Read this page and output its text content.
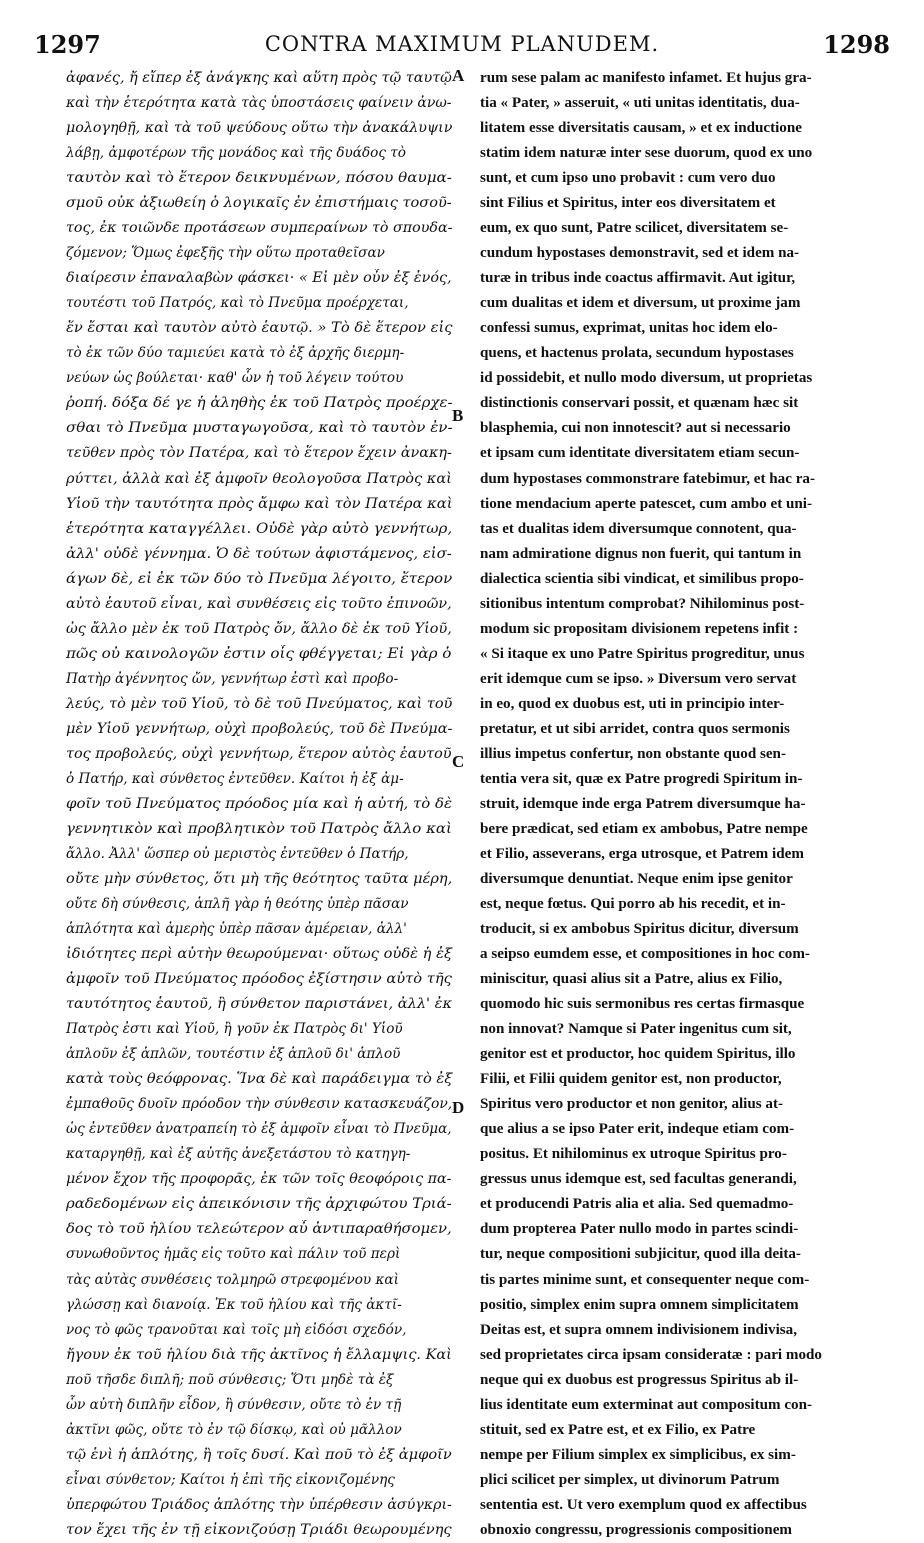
1297	CONTRA MAXIMUM PLANUDEM.	1298
ἀφανές, ἤ εἴπερ ἐξ ἀνάγκης καὶ αὕτη πρὸς τῷ ταυτῷ
καὶ τὴν ἑτερότητα κατὰ τὰς ὑποστάσεις φαίνειν ἀνω-
μολογηθῇ, καὶ τὰ τοῦ ψεύδους οὕτω τὴν ἀνακάλυψιν
λάβῃ, ἀμφοτέρων τῆς μονάδος καὶ τῆς δυάδος τὸ
ταυτὸν καὶ τὸ ἕτερον δεικνυμένων, πόσου θαυμα-
σμοῦ οὐκ ἀξιωθείη ὁ λογικαῖς ἐν ἐπιστήμαις τοσοῦ-
τος, ἐκ τοιῶνδε προτάσεων συμπεραίνων τὸ σπουδα-
ζόμενον; Ὅμως ἐφεξῆς τὴν οὕτω προταθεῖσαν
διαίρεσιν ἐπαναλαβὼν φάσκει· « Εἰ μὲν οὖν ἐξ ἑνός,
τουτέστι τοῦ Πατρός, καὶ τὸ Πνεῦμα προέρχεται,
ἕν ἔσται καὶ ταυτὸν αὐτὸ ἑαυτῷ. » Τὸ δὲ ἕτερον εἰς
τὸ ἐκ τῶν δύο ταμιεύει κατὰ τὸ ἐξ ἀρχῆς διερμη-
νεύων ὡς βούλεται· καθ' ὧν ἡ τοῦ λέγειν τούτου
ῥοπή. δόξα δέ γε ἡ ἀληθὴς ἐκ τοῦ Πατρὸς προέρχε-
σθαι τὸ Πνεῦμα μυσταγωγοῦσα, καὶ τὸ ταυτὸν ἐν-
τεῦθεν πρὸς τὸν Πατέρα, καὶ τὸ ἕτερον ἔχειν ἀνακη-
ρύττει, ἀλλὰ καὶ ἐξ ἀμφοῖν θεολογοῦσα Πατρὸς καὶ
Υἱοῦ τὴν ταυτότητα πρὸς ἄμφω καὶ τὸν Πατέρα καὶ
ἑτερότητα καταγγέλλει. Οὐδὲ γὰρ αὐτὸ γεννήτωρ,
ἀλλ' οὐδὲ γέννημα. Ὁ δὲ τούτων ἀφιστάμενος, εἰσ-
άγων δὲ, εἰ ἐκ τῶν δύο τὸ Πνεῦμα λέγοιτο, ἕτερον
αὐτὸ ἑαυτοῦ εἶναι, καὶ συνθέσεις εἰς τοῦτο ἐπινοῶν,
ὡς ἄλλο μὲν ἐκ τοῦ Πατρὸς ὄν, ἄλλο δὲ ἐκ τοῦ Υἱοῦ,
πῶς οὐ καινολογῶν ἐστιν οἷς φθέγγεται; Εἰ γὰρ ὁ
Πατὴρ ἀγέννητος ὤν, γεννήτωρ ἐστὶ καὶ προβο-
λεύς, τὸ μὲν τοῦ Υἱοῦ, τὸ δὲ τοῦ Πνεύματος, καὶ τοῦ
μὲν Υἱοῦ γεννήτωρ, οὐχὶ προβολεύς, τοῦ δὲ Πνεύμα-
τος προβολεύς, οὐχὶ γεννήτωρ, ἕτερον αὐτὸς ἑαυτοῦ
ὁ Πατήρ, καὶ σύνθετος ἐντεῦθεν. Καίτοι ἡ ἐξ ἀμ-
φοῖν τοῦ Πνεύματος πρόοδος μία καὶ ἡ αὐτή, τὸ δὲ
γεννητικὸν καὶ προβλητικὸν τοῦ Πατρὸς ἄλλο καὶ
ἄλλο. Ἀλλ' ὥσπερ οὐ μεριστὸς ἐντεῦθεν ὁ Πατήρ,
οὔτε μὴν σύνθετος, ὅτι μὴ τῆς θεότητος ταῦτα μέρη,
οὔτε δὴ σύνθεσις, ἁπλῆ γὰρ ἡ θεότης ὑπὲρ πᾶσαν
ἁπλότητα καὶ ἀμερὴς ὑπὲρ πᾶσαν ἀμέρειαν, ἀλλ'
ἰδιότητες περὶ αὐτὴν θεωρούμεναι· οὕτως οὐδὲ ἡ ἐξ
ἀμφοῖν τοῦ Πνεύματος πρόοδος ἐξίστησιν αὐτὸ τῆς
ταυτότητος ἑαυτοῦ, ἢ σύνθετον παριστάνει, ἀλλ' ἐκ
Πατρὸς ἐστι καὶ Υἱοῦ, ἢ γοῦν ἐκ Πατρὸς δι' Υἱοῦ
ἁπλοῦν ἐξ ἁπλῶν, τουτέστιν ἐξ ἁπλοῦ δι' ἁπλοῦ
κατὰ τοὺς θεόφρονας. Ἵνα δὲ καὶ παράδειγμα τὸ ἐξ
ἐμπαθοῦς δυοῖν πρόοδον τὴν σύνθεσιν κατασκευάζον,
ὡς ἐντεῦθεν ἀνατραπείη τὸ ἐξ ἀμφοῖν εἶναι τὸ Πνεῦμα,
καταργηθῇ, καὶ ἐξ αὐτῆς ἀνεξετάστου τὸ κατηγη-
μένον ἔχον τῆς προφορᾶς, ἐκ τῶν τοῖς θεοφόροις πα-
ραδεδομένων εἰς ἀπεικόνισιν τῆς ἀρχιφώτου Τριά-
δος τὸ τοῦ ἡλίου τελεώτερον αὖ ἀντιπαραθήσομεν,
συνωθοῦντος ἡμᾶς εἰς τοῦτο καὶ πάλιν τοῦ περὶ
τὰς αὐτὰς συνθέσεις τολμηρῶ στρεφομένου καὶ
γλώσσῃ καὶ διανοίᾳ. Ἐκ τοῦ ἡλίου καὶ τῆς ἀκτῖ-
νος τὸ φῶς τρανοῦται καὶ τοῖς μὴ εἰδόσι σχεδόν,
ἤγουν ἐκ τοῦ ἡλίου διὰ τῆς ἀκτῖνος ἡ ἔλλαμψις. Καὶ
ποῦ τῆσδε διπλῆ; ποῦ σύνθεσις; Ὅτι μηδὲ τὰ ἐξ
ὧν αὐτὴ διπλῆν εἶδον, ἢ σύνθεσιν, οὔτε τὸ ἐν τῇ
ἀκτῖνι φῶς, οὔτε τὸ ἐν τῷ δίσκῳ, καὶ οὐ μᾶλλον
τῷ ἑνὶ ἡ ἁπλότης, ἢ τοῖς δυσί. Καὶ ποῦ τὸ ἐξ ἀμφοῖν
εἶναι σύνθετον; Καίτοι ἡ ἐπὶ τῆς εἰκονιζομένης
ὑπερφώτου Τριάδος ἁπλότης τὴν ὑπέρθεσιν ἀσύγκρι-
τον ἔχει τῆς ἐν τῇ εἰκονιζούσῃ Τριάδι θεωρουμένης
rum sese palam ac manifesto infamet. Et hujus gra-
tia « Pater, » asseruit, « uti unitas identitatis, dua-
litatem esse diversitatis causam, » et ex inductione
statim idem naturæ inter sese duorum, quod ex uno
sunt, et cum ipso uno probavit : cum vero duo
sint Filius et Spiritus, inter eos diversitatem et
eum, ex quo sunt, Patre scilicet, diversitatem se-
cundum hypostases demonstravit, sed et idem na-
turæ in tribus inde coactus affirmavit. Aut igitur,
cum dualitas et idem et diversum, ut proxime jam
confessi sumus, exprimat, unitas hoc idem elo-
quens, et hactenus prolata, secundum hypostases
id possidebit, et nullo modo diversum, ut proprietas
distinctionis conservari possit, et quænam hæc sit
blasphemia, cui non innotescit? aut si necessario
et ipsam cum identitate diversitatem etiam secun-
dum hypostases commonstrare fatebimur, et hac ra-
tione mendacium aperte patescet, cum ambo et uni-
tas et dualitas idem diversumque connotent, qua-
nam admiratione dignus non fuerit, qui tantum in
dialectica scientia sibi vindicat, et similibus propo-
sitionibus intentum comprobat? Nihilominus post-
modum sic propositam divisionem repetens infit :
« Si itaque ex uno Patre Spiritus progreditur, unus
erit idemque cum se ipso. » Diversum vero servat
in eo, quod ex duobus est, uti in principio inter-
pretatur, et ut sibi arridet, contra quos sermonis
illius impetus confertur, non obstante quod sen-
tentia vera sit, quæ ex Patre progredi Spiritum in-
struit, idemque inde erga Patrem diversumque ha-
bere prædicat, sed etiam ex ambobus, Patre nempe
et Filio, asseverans, erga utrosque, et Patrem idem
diversumque denuntiat. Neque enim ipse genitor
est, neque fœtus. Qui porro ab his recedit, et in-
troducit, si ex ambobus Spiritus dicitur, diversum
a seipso eumdem esse, et compositiones in hoc com-
miniscitur, quasi alius sit a Patre, alius ex Filio,
quomodo hic suis sermonibus res certas firmasque
non innovat? Namque si Pater ingenitus cum sit,
genitor est et productor, hoc quidem Spiritus, illo
Filii, et Filii quidem genitor est, non productor,
Spiritus vero productor et non genitor, alius at-
que alius a se ipso Pater erit, indeque etiam com-
positus. Et nihilominus ex utroque Spiritus pro-
gressus unus idemque est, sed facultas generandi,
et producendi Patris alia et alia. Sed quemadmo-
dum propterea Pater nullo modo in partes scindi-
tur, neque compositioni subjicitur, quod illa deita-
tis partes minime sunt, et consequenter neque com-
positio, simplex enim supra omnem simplicitatem
Deitas est, et supra omnem indivisionem indivisa,
sed proprietates circa ipsam consideratæ : pari modo
neque qui ex duobus est progressus Spiritus ab il-
lius identitate eum exterminat aut compositum con-
stituit, sed ex Patre est, et ex Filio, ex Patre
nempe per Filium simplex ex simplicibus, ex sim-
plici scilicet per simplex, ut divinorum Patrum
sententia est. Ut vero exemplum quod ex affectibus
obnoxio congressu, progressionis compositionem
A
B
C
D
